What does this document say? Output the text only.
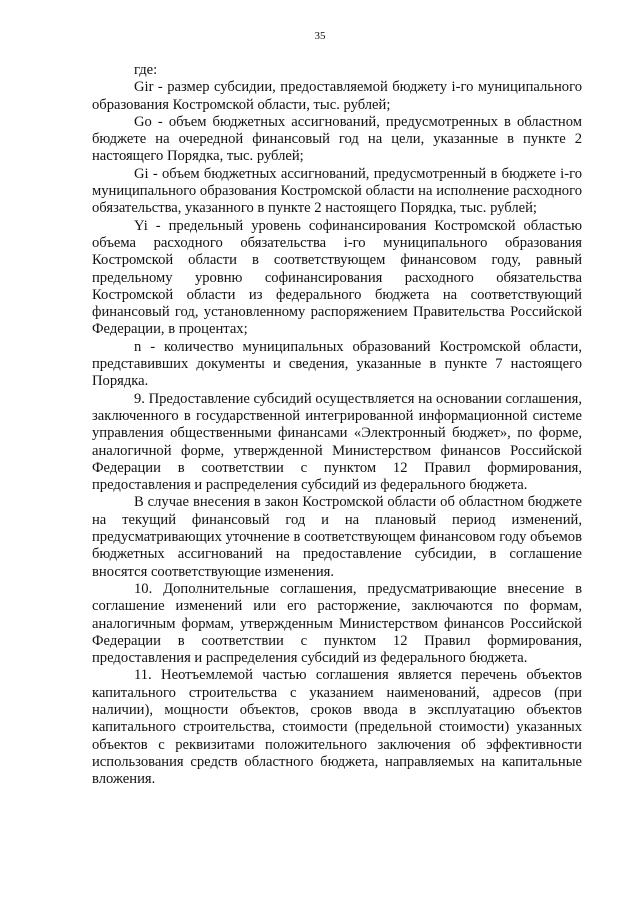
35

где:

Gir - размер субсидии, предоставляемой бюджету i-го муниципального образования Костромской области, тыс. рублей;

Go - объем бюджетных ассигнований, предусмотренных в областном бюджете на очередной финансовый год на цели, указанные в пункте 2 настоящего Порядка, тыс. рублей;

Gi - объем бюджетных ассигнований, предусмотренный в бюджете i-го муниципального образования Костромской области на исполнение расходного обязательства, указанного в пункте 2 настоящего Порядка, тыс. рублей;

Yi - предельный уровень софинансирования Костромской областью объема расходного обязательства i-го муниципального образования Костромской области в соответствующем финансовом году, равный предельному уровню софинансирования расходного обязательства Костромской области из федерального бюджета на соответствующий финансовый год, установленному распоряжением Правительства Российской Федерации, в процентах;

n - количество муниципальных образований Костромской области, представивших документы и сведения, указанные в пункте 7 настоящего Порядка.

9. Предоставление субсидий осуществляется на основании соглашения, заключенного в государственной интегрированной информационной системе управления общественными финансами «Электронный бюджет», по форме, аналогичной форме, утвержденной Министерством финансов Российской Федерации в соответствии с пунктом 12 Правил формирования, предоставления и распределения субсидий из федерального бюджета.

В случае внесения в закон Костромской области об областном бюджете на текущий финансовый год и на плановый период изменений, предусматривающих уточнение в соответствующем финансовом году объемов бюджетных ассигнований на предоставление субсидии, в соглашение вносятся соответствующие изменения.

10. Дополнительные соглашения, предусматривающие внесение в соглашение изменений или его расторжение, заключаются по формам, аналогичным формам, утвержденным Министерством финансов Российской Федерации в соответствии с пунктом 12 Правил формирования, предоставления и распределения субсидий из федерального бюджета.

11. Неотъемлемой частью соглашения является перечень объектов капитального строительства с указанием наименований, адресов (при наличии), мощности объектов, сроков ввода в эксплуатацию объектов капитального строительства, стоимости (предельной стоимости) указанных объектов с реквизитами положительного заключения об эффективности использования средств областного бюджета, направляемых на капитальные вложения.
